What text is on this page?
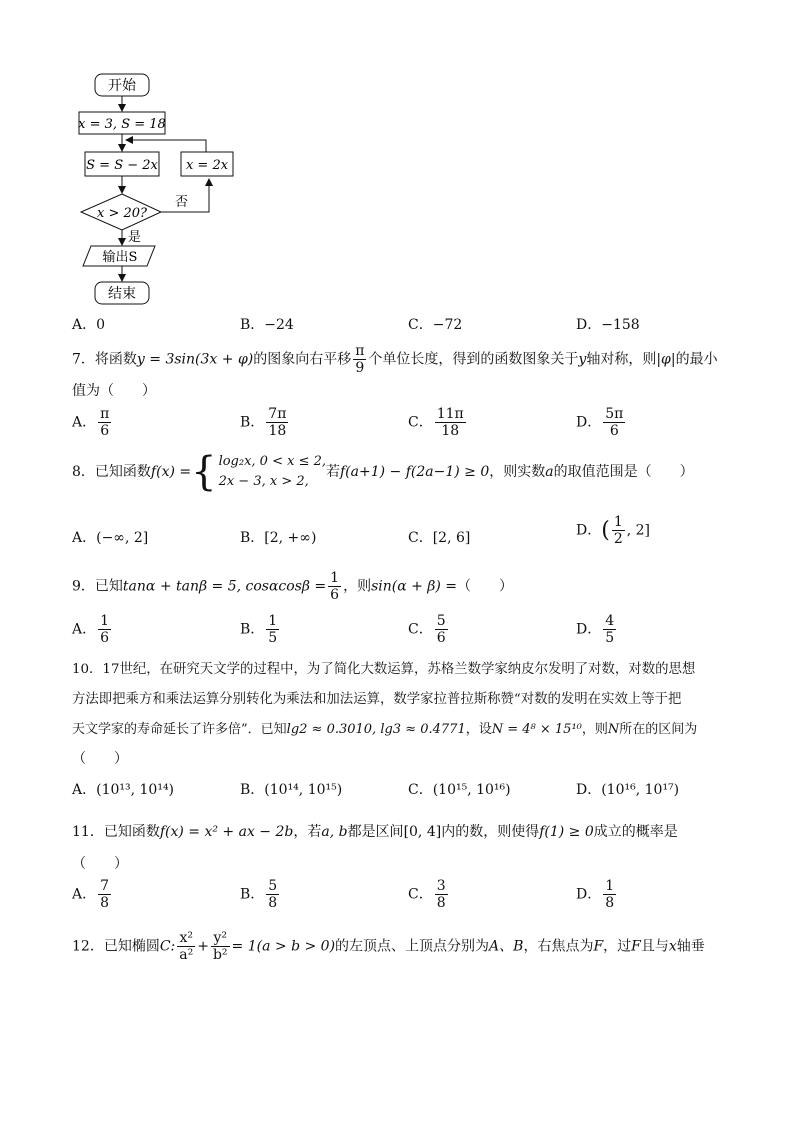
开始
x = 3, S = 18
S = S − 2x x = 2x
x > 20?
否
是
输出S
结束
A．0	B．−24	C．−72	D．−158
7．将函数y = 3sin(3x + φ)的图象向右平移 $\frac{\pi}{9}$ 个单位长度，得到的函数图象关于y轴对称，则|φ|的最小
值为（　　）
A． $\frac{\pi}{6}$	B． $\frac{7\pi}{18}$	C． $\frac{11\pi}{18}$	D． $\frac{5\pi}{6}$
8．已知函数f(x) ={ log₂x, 0 < x ≤ 2,
2x − 3, x > 2,若f(a+1) − f(2a−1) ≥ 0，则实数a的取值范围是（　　）
A．(−∞, 2]	B．[2, +∞)	C．[2, 6]	D．( $\frac{1}{2}$ , 2]
9．已知tanα + tanβ = 5, $\cos\alpha\cos\beta = \frac{1}{6}$ ，则sin(α + β) =（　　）
A． $\frac{1}{6}$	B． $\frac{1}{5}$	C． $\frac{5}{6}$	D． $\frac{4}{5}$
10．17世纪，在研究天文学的过程中，为了简化大数运算，苏格兰数学家纳皮尔发明了对数，对数的思想
方法即把乘方和乘法运算分别转化为乘法和加法运算，数学家拉普拉斯称赞“对数的发明在实效上等于把
天文学家的寿命延长了许多倍”．已知lg2 ≈ 0.3010, lg3 ≈ 0.4771，设N = 4⁸ × 15¹⁰，则N所在的区间为
（　　）
A．(10¹³, 10¹⁴)	B．(10¹⁴, 10¹⁵)	C．(10¹⁵, 10¹⁶)	D．(10¹⁶, 10¹⁷)
11．已知函数f(x) = x² + ax − 2b，若a, b都是区间[0, 4]内的数，则使得f(1) ≥ 0成立的概率是
（　　）
A． $\frac{7}{8}$	B． $\frac{5}{8}$	C． $\frac{3}{8}$	D． $\frac{1}{8}$
12．已知椭圆C: $\frac{\text{x²}}{\text{a²}} + \frac{\text{y²}}{\text{b²}} = 1(a > b > 0)$的左顶点、上顶点分别为A、B，右焦点为F，过F且与x轴垂
